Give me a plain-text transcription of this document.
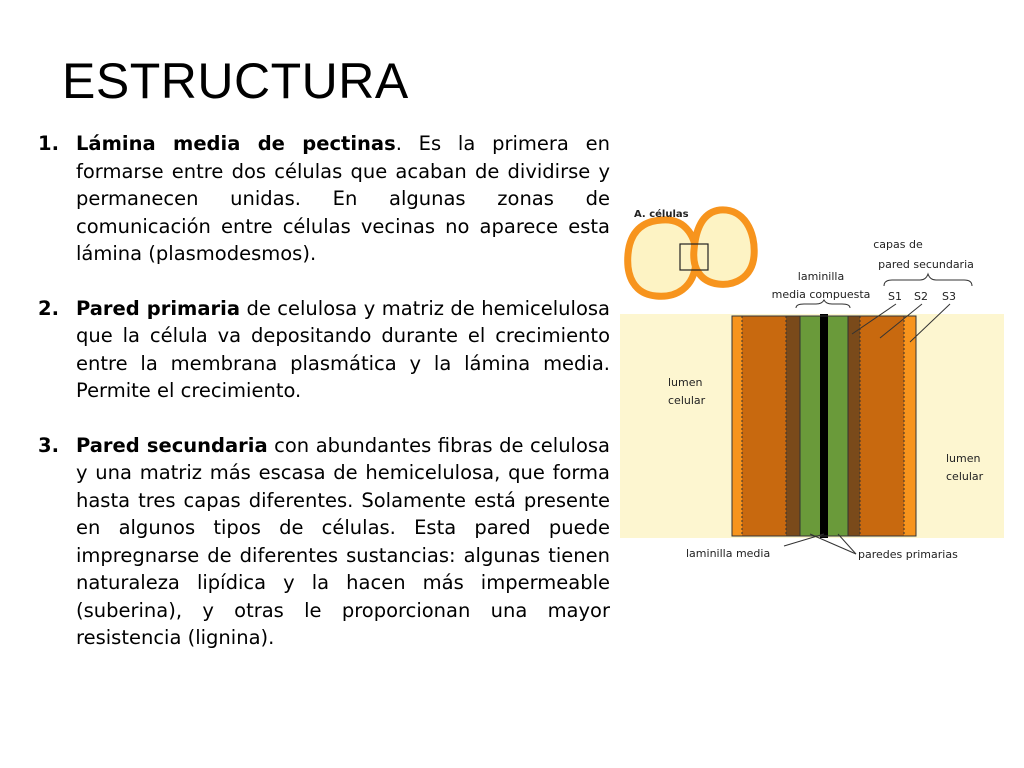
ESTRUCTURA
1. Lámina media de pectinas. Es la primera en formarse entre dos células que acaban de dividirse y permanecen unidas. En algunas zonas de comunicación entre células vecinas no aparece esta lámina (plasmodesmos).
2. Pared primaria de celulosa y matriz de hemicelulosa que la célula va depositando durante el crecimiento entre la membrana plasmática y la lámina media. Permite el crecimiento.
3. Pared secundaria con abundantes fibras de celulosa y una matriz más escasa de hemicelulosa, que forma hasta tres capas diferentes. Solamente está presente en algunos tipos de células. Esta pared puede impregnarse de diferentes sustancias: algunas tienen naturaleza lipídica y la hacen más impermeable (suberina), y otras le proporcionan una mayor resistencia (lignina).
A. células
capas de
pared secundaria
laminilla
media compuesta S1 S2 S3
lumen
celular
lumen
celular
laminilla media	paredes primarias
